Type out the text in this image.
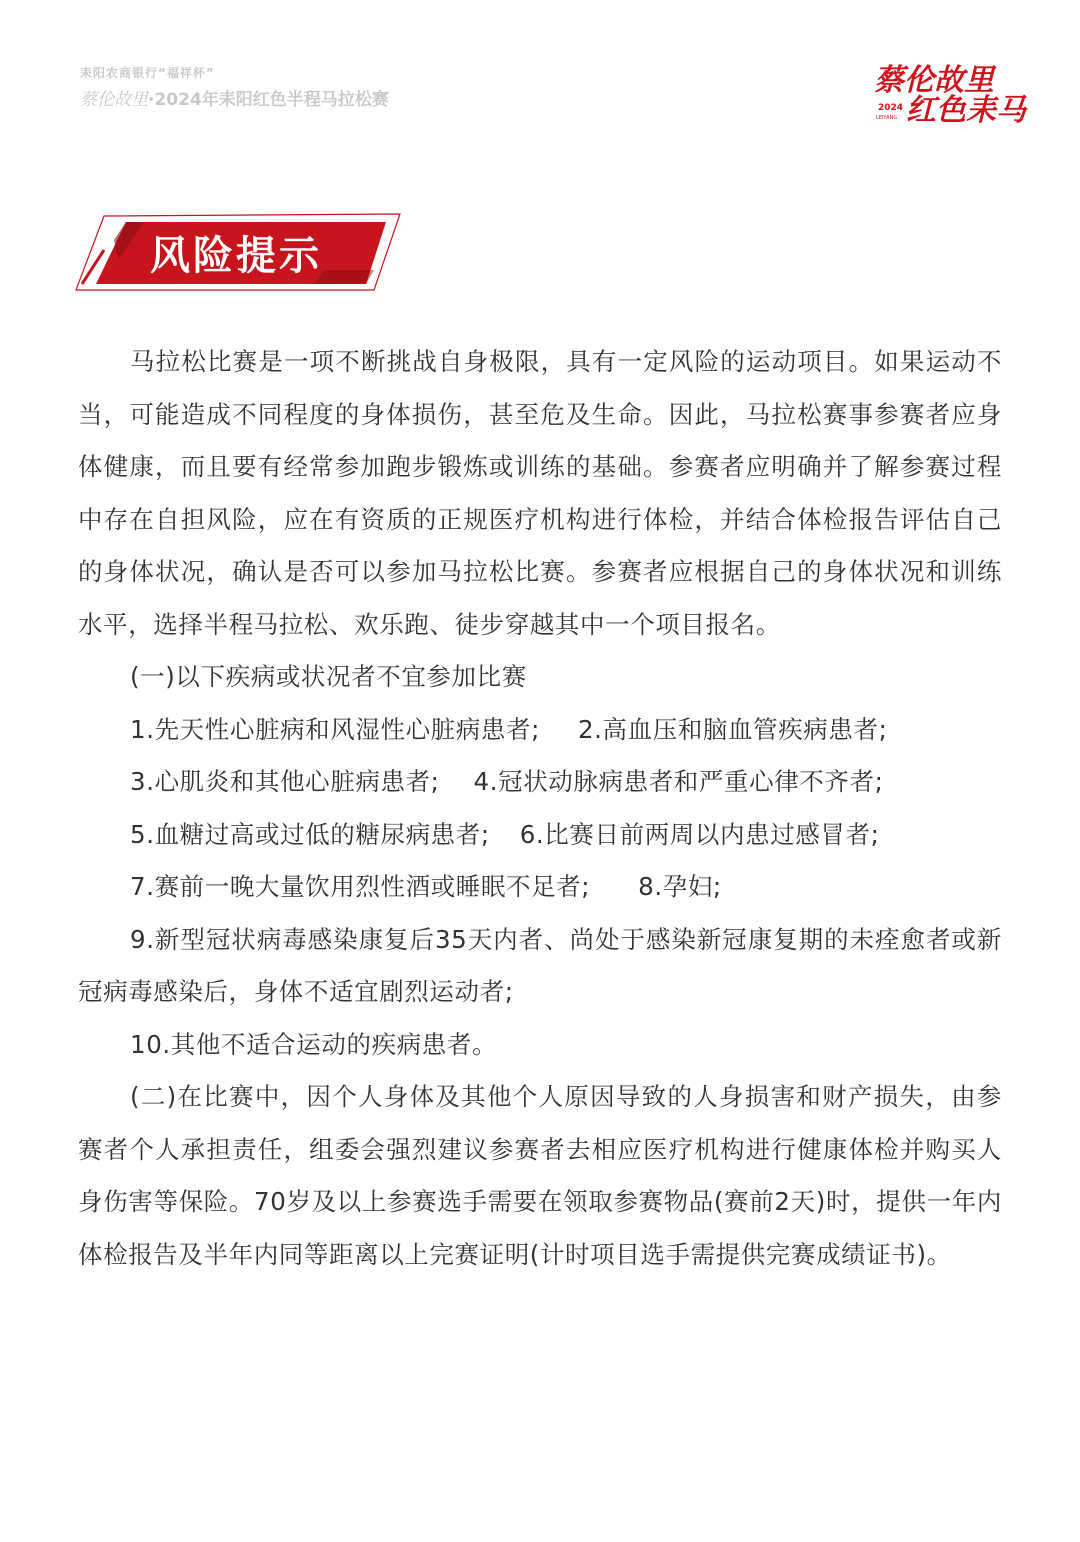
耒阳农商银行“福祥杯”
蔡伦故里·2024年耒阳红色半程马拉松赛
蔡伦故里
红色耒马
2024
LEIYANG
风险提示

马拉松比赛是一项不断挑战自身极限，具有一定风险的运动项目。如果运动不当，可能造成不同程度的身体损伤，甚至危及生命。因此，马拉松赛事参赛者应身体健康，而且要有经常参加跑步锻炼或训练的基础。参赛者应明确并了解参赛过程中存在自担风险，应在有资质的正规医疗机构进行体检，并结合体检报告评估自己的身体状况，确认是否可以参加马拉松比赛。参赛者应根据自己的身体状况和训练水平，选择半程马拉松、欢乐跑、徒步穿越其中一个项目报名。

(一)以下疾病或状况者不宜参加比赛

1.先天性心脏病和风湿性心脏病患者; 2.高血压和脑血管疾病患者;

3.心肌炎和其他心脏病患者; 4.冠状动脉病患者和严重心律不齐者;

5.血糖过高或过低的糖尿病患者; 6.比赛日前两周以内患过感冒者;

7.赛前一晚大量饮用烈性酒或睡眠不足者; 8.孕妇;

9.新型冠状病毒感染康复后35天内者、尚处于感染新冠康复期的未痊愈者或新冠病毒感染后，身体不适宜剧烈运动者;

10.其他不适合运动的疾病患者。

(二)在比赛中，因个人身体及其他个人原因导致的人身损害和财产损失，由参赛者个人承担责任，组委会强烈建议参赛者去相应医疗机构进行健康体检并购买人身伤害等保险。70岁及以上参赛选手需要在领取参赛物品(赛前2天)时，提供一年内体检报告及半年内同等距离以上完赛证明(计时项目选手需提供完赛成绩证书)。
